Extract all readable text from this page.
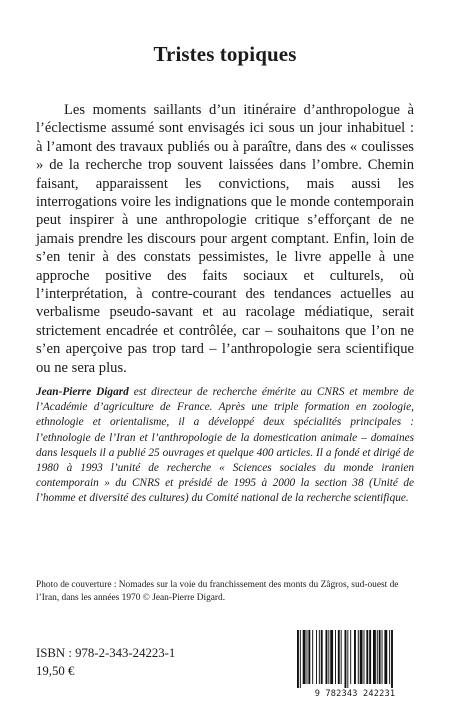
Tristes topiques

Les moments saillants d’un itinéraire d’anthropologue à l’éclectisme assumé sont envisagés ici sous un jour inhabituel : à l’amont des travaux publiés ou à paraître, dans des « coulisses » de la recherche trop souvent laissées dans l’ombre. Chemin faisant, apparaissent les convictions, mais aussi les interrogations voire les indignations que le monde contemporain peut inspirer à une anthropologie critique s’efforçant de ne jamais prendre les discours pour argent comptant. Enfin, loin de s’en tenir à des constats pessimistes, le livre appelle à une approche positive des faits sociaux et culturels, où l’interprétation, à contre-courant des tendances actuelles au verbalisme pseudo-savant et au racolage médiatique, serait strictement encadrée et contrôlée, car – souhaitons que l’on ne s’en aperçoive pas trop tard – l’anthropologie sera scientifique ou ne sera plus.

Jean-Pierre Digard est directeur de recherche émérite au CNRS et membre de l’Académie d’agriculture de France. Après une triple formation en zoologie, ethnologie et orientalisme, il a développé deux spécialités principales : l’ethnologie de l’Iran et l’anthropologie de la domestication animale – domaines dans lesquels il a publié 25 ouvrages et quelque 400 articles. Il a fondé et dirigé de 1980 à 1993 l’unité de recherche « Sciences sociales du monde iranien contemporain » du CNRS et présidé de 1995 à 2000 la section 38 (Unité de l’homme et diversité des cultures) du Comité national de la recherche scientifique.

Photo de couverture : Nomades sur la voie du franchissement des monts du Zâgros, sud-ouest de l’Iran, dans les années 1970 © Jean-Pierre Digard.

ISBN : 978-2-343-24223-1
19,50 €
9 782343 242231
